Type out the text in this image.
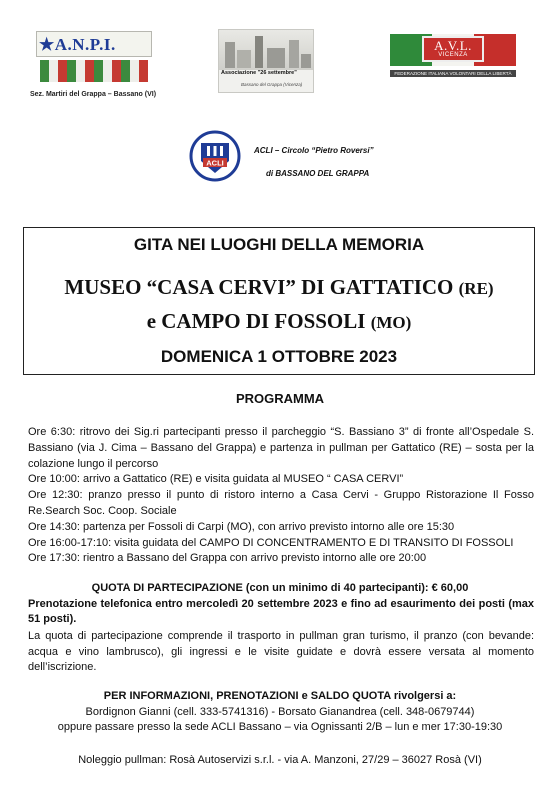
★A.N.P.I.
Sez. Martiri del Grappa – Bassano (VI)
Associazione "26 settembre"
Bassano del Grappa (Vicenza)
A.V.L.
VICENZA
FEDERAZIONE ITALIANA VOLONTARI DELLA LIBERTÀ
ACLI
ACLI – Circolo “Pietro Roversi”
di BASSANO DEL GRAPPA
GITA NEI LUOGHI DELLA MEMORIA
MUSEO “CASA CERVI” DI GATTATICO (RE)
e CAMPO DI FOSSOLI (MO)
DOMENICA 1 OTTOBRE 2023
PROGRAMMA

Ore 6:30: ritrovo dei Sig.ri partecipanti presso il parcheggio “S. Bassiano 3” di fronte all’Ospedale S. Bassiano (via J. Cima – Bassano del Grappa) e partenza in pullman per Gattatico (RE) – sosta per la colazione lungo il percorso

Ore 10:00: arrivo a Gattatico (RE) e visita guidata al MUSEO “ CASA CERVI”

Ore 12:30: pranzo presso il punto di ristoro interno a Casa Cervi - Gruppo Ristorazione Il Fosso Re.Search Soc. Coop. Sociale

Ore 14:30: partenza per Fossoli di Carpi (MO), con arrivo previsto intorno alle ore 15:30

Ore 16:00-17:10: visita guidata del CAMPO DI CONCENTRAMENTO E DI TRANSITO DI FOSSOLI

Ore 17:30: rientro a Bassano del Grappa con arrivo previsto intorno alle ore 20:00

QUOTA DI PARTECIPAZIONE (con un minimo di 40 partecipanti): € 60,00
Prenotazione telefonica entro mercoledì 20 settembre 2023 e fino ad esaurimento dei posti (max 51 posti).
La quota di partecipazione comprende il trasporto in pullman gran turismo, il pranzo (con bevande: acqua e vino lambrusco), gli ingressi e le visite guidate e dovrà essere versata al momento dell’iscrizione.

PER INFORMAZIONI, PRENOTAZIONI e SALDO QUOTA rivolgersi a:

Bordignon Gianni (cell. 333-5741316) - Borsato Gianandrea (cell. 348-0679744)

oppure passare presso la sede ACLI Bassano – via Ognissanti 2/B – lun e mer 17:30-19:30

Noleggio pullman: Rosà Autoservizi s.r.l. - via A. Manzoni, 27/29 – 36027 Rosà (VI)
